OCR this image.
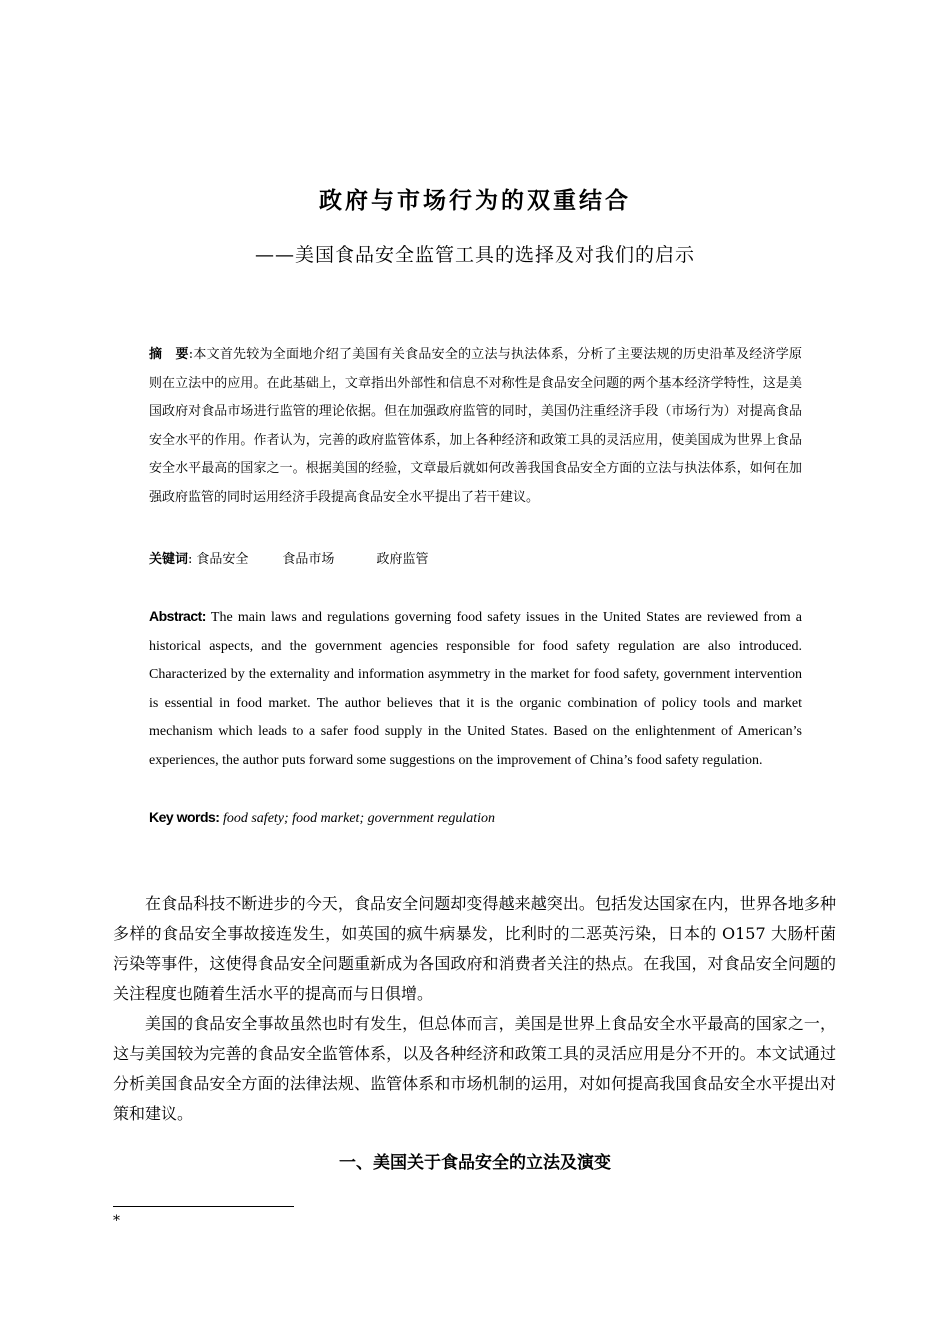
政府与市场行为的双重结合
——美国食品安全监管工具的选择及对我们的启示
摘　要:本文首先较为全面地介绍了美国有关食品安全的立法与执法体系，分析了主要法规的历史沿革及经济学原则在立法中的应用。在此基础上，文章指出外部性和信息不对称性是食品安全问题的两个基本经济学特性，这是美国政府对食品市场进行监管的理论依据。但在加强政府监管的同时，美国仍注重经济手段（市场行为）对提高食品安全水平的作用。作者认为，完善的政府监管体系，加上各种经济和政策工具的灵活应用，使美国成为世界上食品安全水平最高的国家之一。根据美国的经验，文章最后就如何改善我国食品安全方面的立法与执法体系，如何在加强政府监管的同时运用经济手段提高食品安全水平提出了若干建议。
关键词: 食品安全	食品市场	政府监管
Abstract: The main laws and regulations governing food safety issues in the United States are reviewed from a historical aspects, and the government agencies responsible for food safety regulation are also introduced. Characterized by the externality and information asymmetry in the market for food safety, government intervention is essential in food market. The author believes that it is the organic combination of policy tools and market mechanism which leads to a safer food supply in the United States. Based on the enlightenment of American’s experiences, the author puts forward some suggestions on the improvement of China’s food safety regulation.
Key words: food safety; food market; government regulation

在食品科技不断进步的今天，食品安全问题却变得越来越突出。包括发达国家在内，世界各地多种多样的食品安全事故接连发生，如英国的疯牛病暴发，比利时的二恶英污染，日本的 O157 大肠杆菌污染等事件，这使得食品安全问题重新成为各国政府和消费者关注的热点。在我国，对食品安全问题的关注程度也随着生活水平的提高而与日俱增。

美国的食品安全事故虽然也时有发生，但总体而言，美国是世界上食品安全水平最高的国家之一，这与美国较为完善的食品安全监管体系，以及各种经济和政策工具的灵活应用是分不开的。本文试通过分析美国食品安全方面的法律法规、监管体系和市场机制的运用，对如何提高我国食品安全水平提出对策和建议。

一、美国关于食品安全的立法及演变
*
